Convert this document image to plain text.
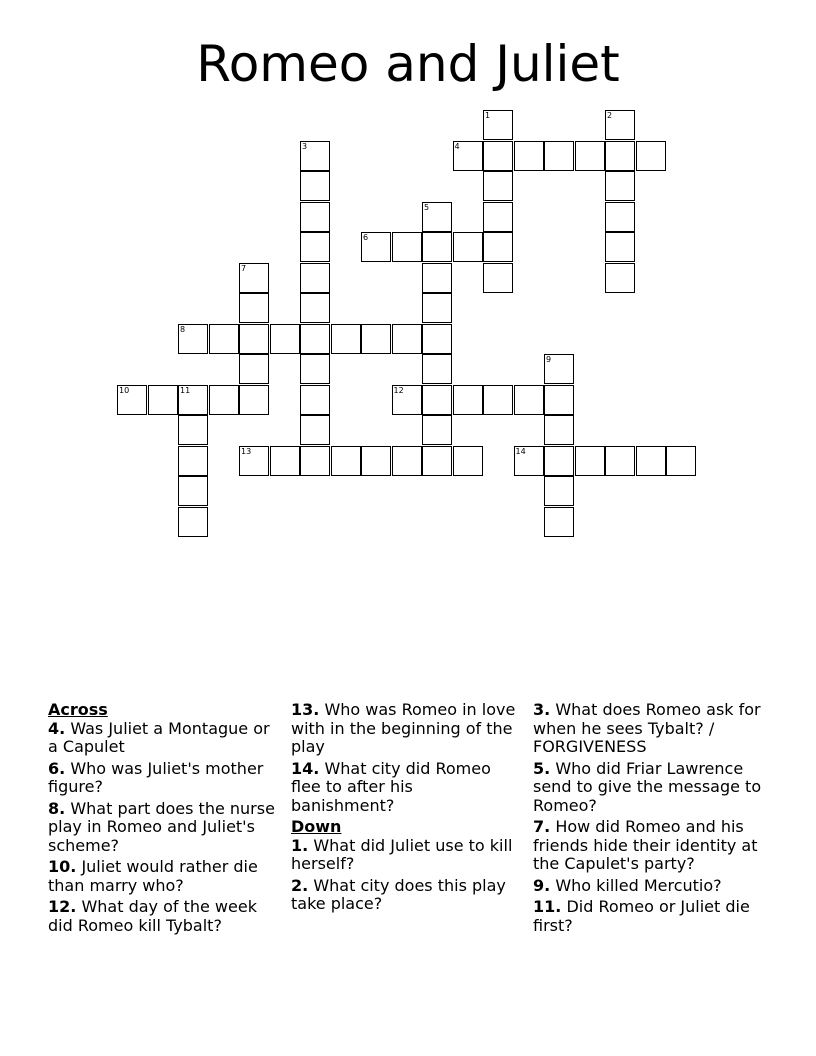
Romeo and Juliet
1	2
3	4
5
6
7
8
9
10	11	12
13	14
Across

4. Was Juliet a Montague or a Capulet

6. Who was Juliet's mother figure?

8. What part does the nurse play in Romeo and Juliet's scheme?

10. Juliet would rather die than marry who?

12. What day of the week did Romeo kill Tybalt?

13. Who was Romeo in love with in the beginning of the play

14. What city did Romeo flee to after his banishment?

Down

1. What did Juliet use to kill herself?

2. What city does this play take place?

3. What does Romeo ask for when he sees Tybalt? / FORGIVENESS

5. Who did Friar Lawrence send to give the message to Romeo?

7. How did Romeo and his friends hide their identity at the Capulet's party?

9. Who killed Mercutio?

11. Did Romeo or Juliet die first?
